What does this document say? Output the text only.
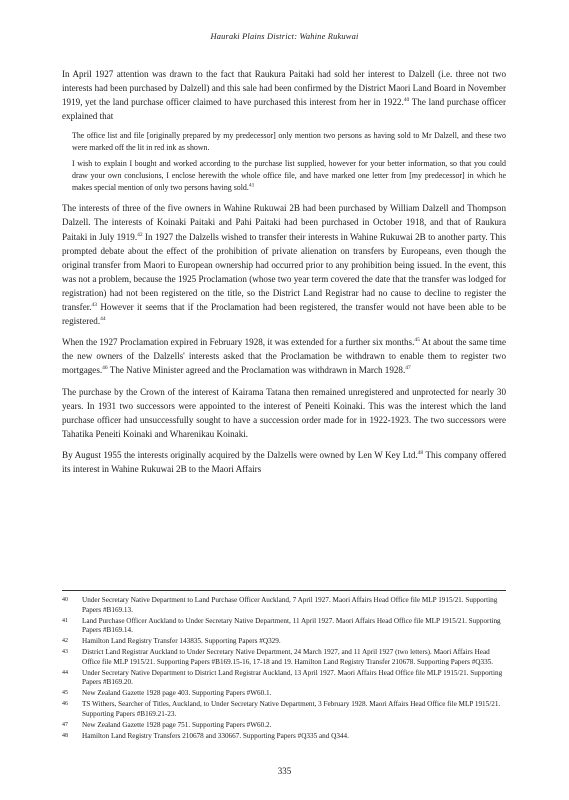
Hauraki Plains District: Wahine Rukuwai

In April 1927 attention was drawn to the fact that Raukura Paitaki had sold her interest to Dalzell (i.e. three not two interests had been purchased by Dalzell) and this sale had been confirmed by the District Maori Land Board in November 1919, yet the land purchase officer claimed to have purchased this interest from her in 1922.40 The land purchase officer explained that

The office list and file [originally prepared by my predecessor] only mention two persons as having sold to Mr Dalzell, and these two were marked off the lit in red ink as shown.

I wish to explain I bought and worked according to the purchase list supplied, however for your better information, so that you could draw your own conclusions, I enclose herewith the whole office file, and have marked one letter from [my predecessor] in which he makes special mention of only two persons having sold.$^{41}$

The interests of three of the five owners in Wahine Rukuwai 2B had been purchased by William Dalzell and Thompson Dalzell. The interests of Koinaki Paitaki and Pahi Paitaki had been purchased in October 1918, and that of Raukura Paitaki in July 1919.42 In 1927 the Dalzells wished to transfer their interests in Wahine Rukuwai 2B to another party. This prompted debate about the effect of the prohibition of private alienation on transfers by Europeans, even though the original transfer from Maori to European ownership had occurred prior to any prohibition being issued. In the event, this was not a problem, because the 1925 Proclamation (whose two year term covered the date that the transfer was lodged for registration) had not been registered on the title, so the District Land Registrar had no cause to decline to register the transfer.$^{43}$ However it seems that if the Proclamation had been registered, the transfer would not have been able to be registered.$^{44}$

When the 1927 Proclamation expired in February 1928, it was extended for a further six months.$^{45}$ At about the same time the new owners of the Dalzells' interests asked that the Proclamation be withdrawn to enable them to register two mortgages.$^{46}$ The Native Minister agreed and the Proclamation was withdrawn in March 1928.47

The purchase by the Crown of the interest of Kairama Tatana then remained unregistered and unprotected for nearly 30 years. In 1931 two successors were appointed to the interest of Peneiti Koinaki. This was the interest which the land purchase officer had unsuccessfully sought to have a succession order made for in 1922-1923. The two successors were Tahatika Peneiti Koinaki and Wharenikau Koinaki.

By August 1955 the interests originally acquired by the Dalzells were owned by Len W Key Ltd.$^{48}$ This company offered its interest in Wahine Rukuwai 2B to the Maori Affairs

40	Under Secretary Native Department to Land Purchase Officer Auckland, 7 April 1927. Maori Affairs Head Office file MLP 1915/21. Supporting Papers #B169.13.
41	Land Purchase Officer Auckland to Under Secretary Native Department, 11 April 1927. Maori Affairs Head Office file MLP 1915/21. Supporting Papers #B169.14.
42	Hamilton Land Registry Transfer 143835. Supporting Papers #Q329.
43	District Land Registrar Auckland to Under Secretary Native Department, 24 March 1927, and 11 April 1927 (two letters). Maori Affairs Head Office file MLP 1915/21. Supporting Papers #B169.15-16, 17-18 and 19. Hamilton Land Registry Transfer 210678. Supporting Papers #Q335.
44	Under Secretary Native Department to District Land Registrar Auckland, 13 April 1927. Maori Affairs Head Office file MLP 1915/21. Supporting Papers #B169.20.
45	New Zealand Gazette 1928 page 403. Supporting Papers #W60.1.
46	TS Withers, Searcher of Titles, Auckland, to Under Secretary Native Department, 3 February 1928. Maori Affairs Head Office file MLP 1915/21. Supporting Papers #B169.21-23.
47	New Zealand Gazette 1928 page 751. Supporting Papers #W60.2.
48	Hamilton Land Registry Transfers 210678 and 330667. Supporting Papers #Q335 and Q344.
335
